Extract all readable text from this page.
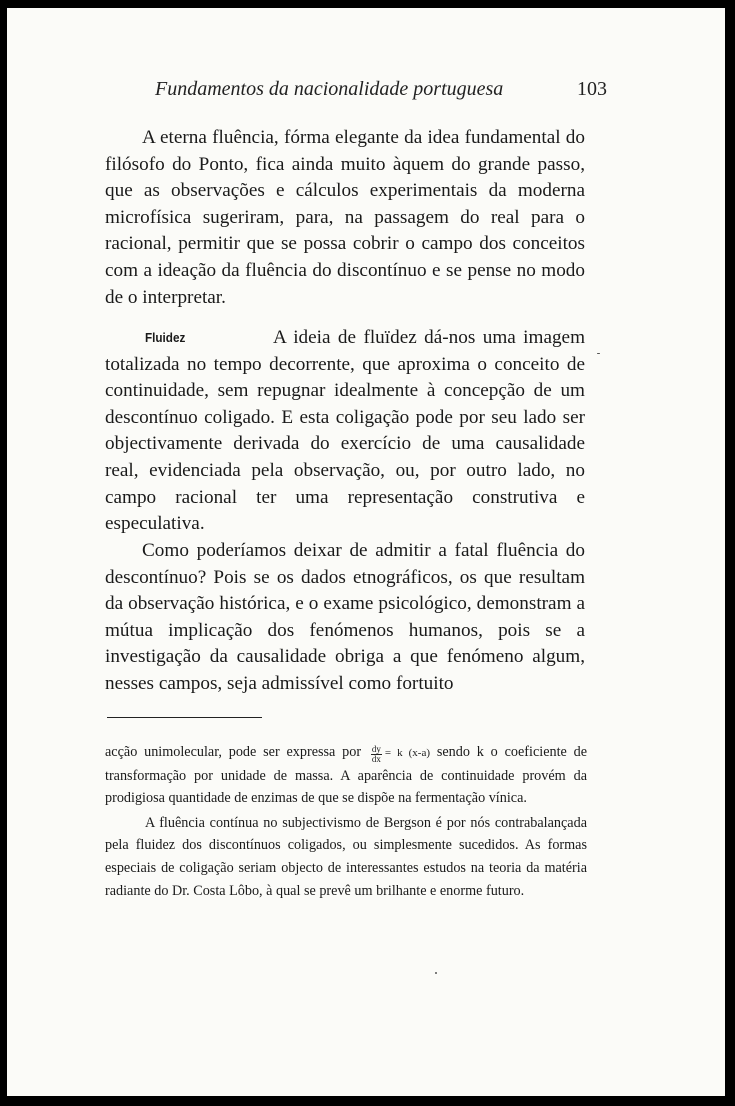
Fundamentos da nacionalidade portuguesa	103

A eterna fluência, fórma elegante da idea fundamental do filósofo do Ponto, fica ainda muito àquem do grande passo, que as observações e cálculos experimentais da moderna microfísica sugeriram, para, na passagem do real para o racional, permitir que se possa cobrir o campo dos conceitos com a ideação da fluência do discontínuo e se pense no modo de o interpretar.

Fluidez	A ideia de fluïdez dá-nos uma imagem totalizada no tempo decorrente, que aproxima o conceito de continuidade, sem repugnar idealmente à concepção de um descontínuo coligado. E esta coligação pode por seu lado ser objectivamente derivada do exercício de uma causalidade real, evidenciada pela observação, ou, por outro lado, no campo racional ter uma representação construtiva e especulativa.

Como poderíamos deixar de admitir a fatal fluência do descontínuo? Pois se os dados etnográficos, os que resultam da observação histórica, e o exame psicológico, demonstram a mútua implicação dos fenómenos humanos, pois se a investigação da causalidade obriga a que fenómeno algum, nesses campos, seja admissível como fortuito

acção unimolecular, pode ser expressa por $\frac{dy}{dx} = k$ (x-a) sendo k o coeficiente de transformação por unidade de massa. A aparência de continuidade provém da prodigiosa quantidade de enzimas de que se dispõe na fermentação vínica.

A fluência contínua no subjectivismo de Bergson é por nós contrabalançada pela fluidez dos discontínuos coligados, ou simplesmente sucedidos. As formas especiais de coligação seriam objecto de interessantes estudos na teoria da matéria radiante do Dr. Costa Lôbo, à qual se prevê um brilhante e enorme futuro.
